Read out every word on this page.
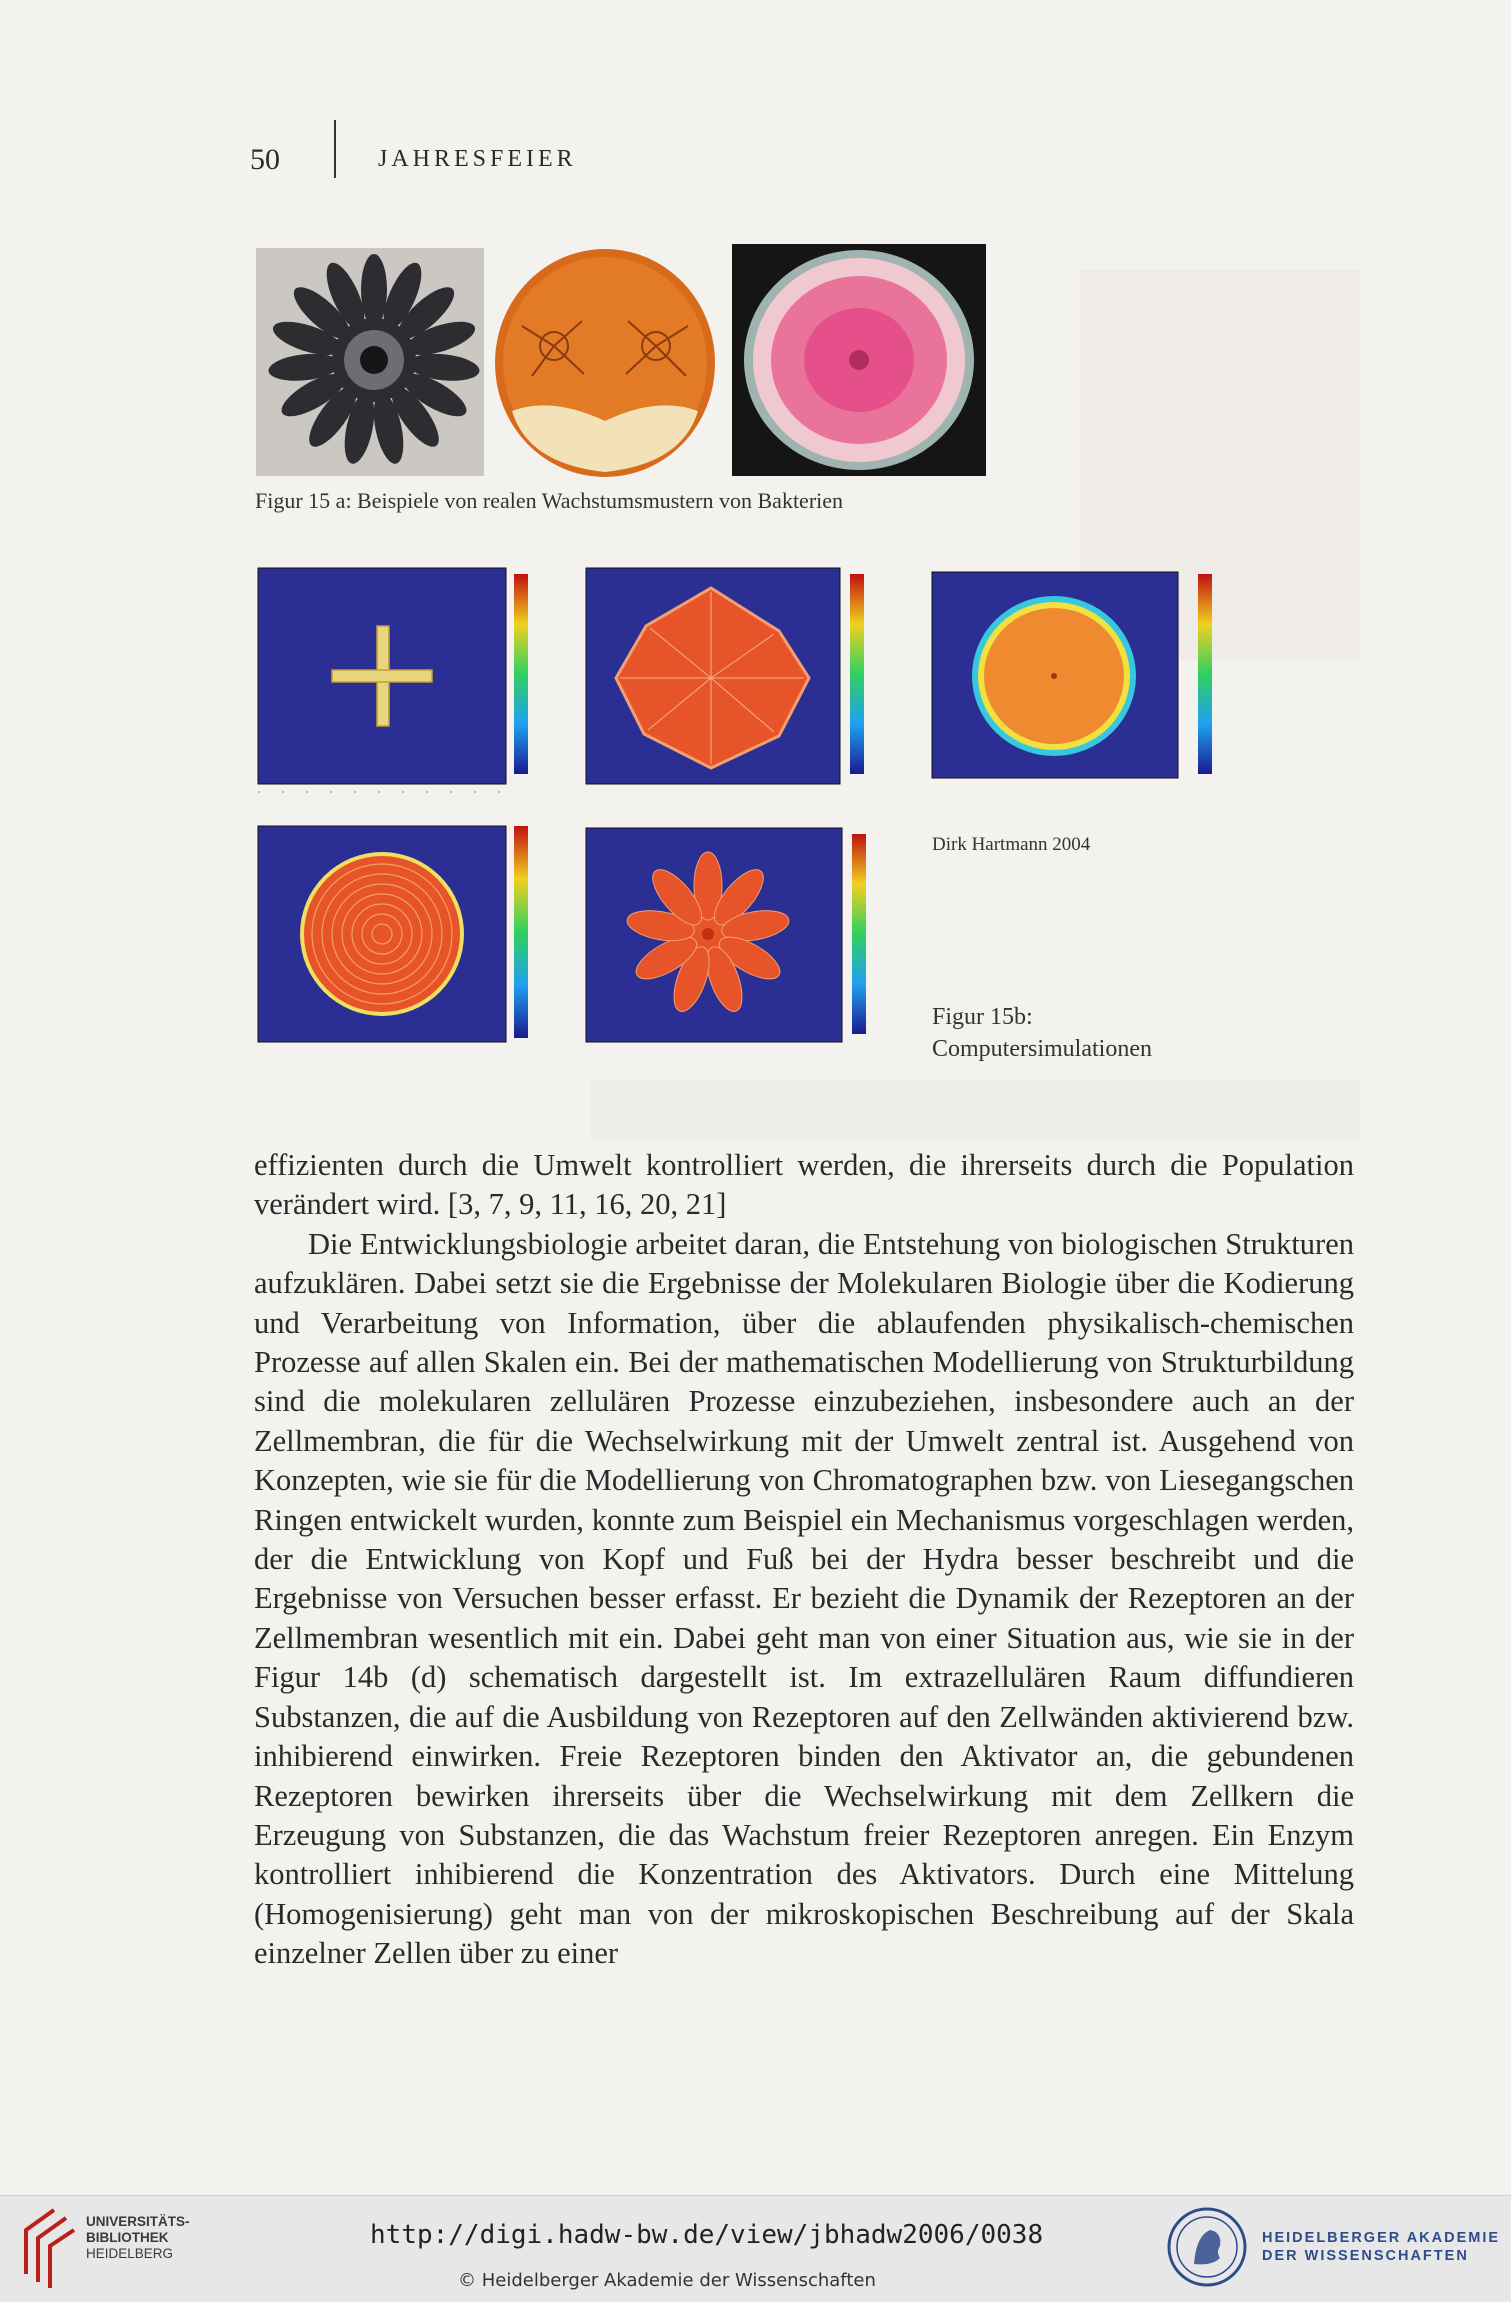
50	JAHRESFEIER
Figur 15 a: Beispiele von realen Wachstumsmustern von Bakterien
Dirk Hartmann 2004
Figur 15b:
Computersimulationen

effizienten durch die Umwelt kontrolliert werden, die ihrerseits durch die Population verändert wird. [3, 7, 9, 11, 16, 20, 21]

Die Entwicklungsbiologie arbeitet daran, die Entstehung von biologischen Strukturen aufzuklären. Dabei setzt sie die Ergebnisse der Molekularen Biologie über die Kodierung und Verarbeitung von Information, über die ablaufenden physikalisch-chemischen Prozesse auf allen Skalen ein. Bei der mathematischen Modellierung von Strukturbildung sind die molekularen zellulären Prozesse einzubeziehen, insbesondere auch an der Zellmembran, die für die Wechselwirkung mit der Umwelt zentral ist. Ausgehend von Konzepten, wie sie für die Modellierung von Chromatographen bzw. von Liesegangschen Ringen entwickelt wurden, konnte zum Beispiel ein Mechanismus vorgeschlagen werden, der die Entwicklung von Kopf und Fuß bei der Hydra besser beschreibt und die Ergebnisse von Versuchen besser erfasst. Er bezieht die Dynamik der Rezeptoren an der Zellmembran wesentlich mit ein. Dabei geht man von einer Situation aus, wie sie in der Figur 14b (d) schematisch dargestellt ist. Im extrazellulären Raum diffundieren Substanzen, die auf die Ausbildung von Rezeptoren auf den Zellwänden aktivierend bzw. inhibierend einwirken. Freie Rezeptoren binden den Aktivator an, die gebundenen Rezeptoren bewirken ihrerseits über die Wechselwirkung mit dem Zellkern die Erzeugung von Substanzen, die das Wachstum freier Rezeptoren anregen. Ein Enzym kontrolliert inhibierend die Konzentration des Aktivators. Durch eine Mittelung (Homogenisierung) geht man von der mikroskopischen Beschreibung auf der Skala einzelner Zellen über zu einer

UNIVERSITÄTS-
BIBLIOTHEK
HEIDELBERG
http://digi.hadw-bw.de/view/jbhadw2006/0038
© Heidelberger Akademie der Wissenschaften
HEIDELBERGER AKADEMIE
DER WISSENSCHAFTEN
